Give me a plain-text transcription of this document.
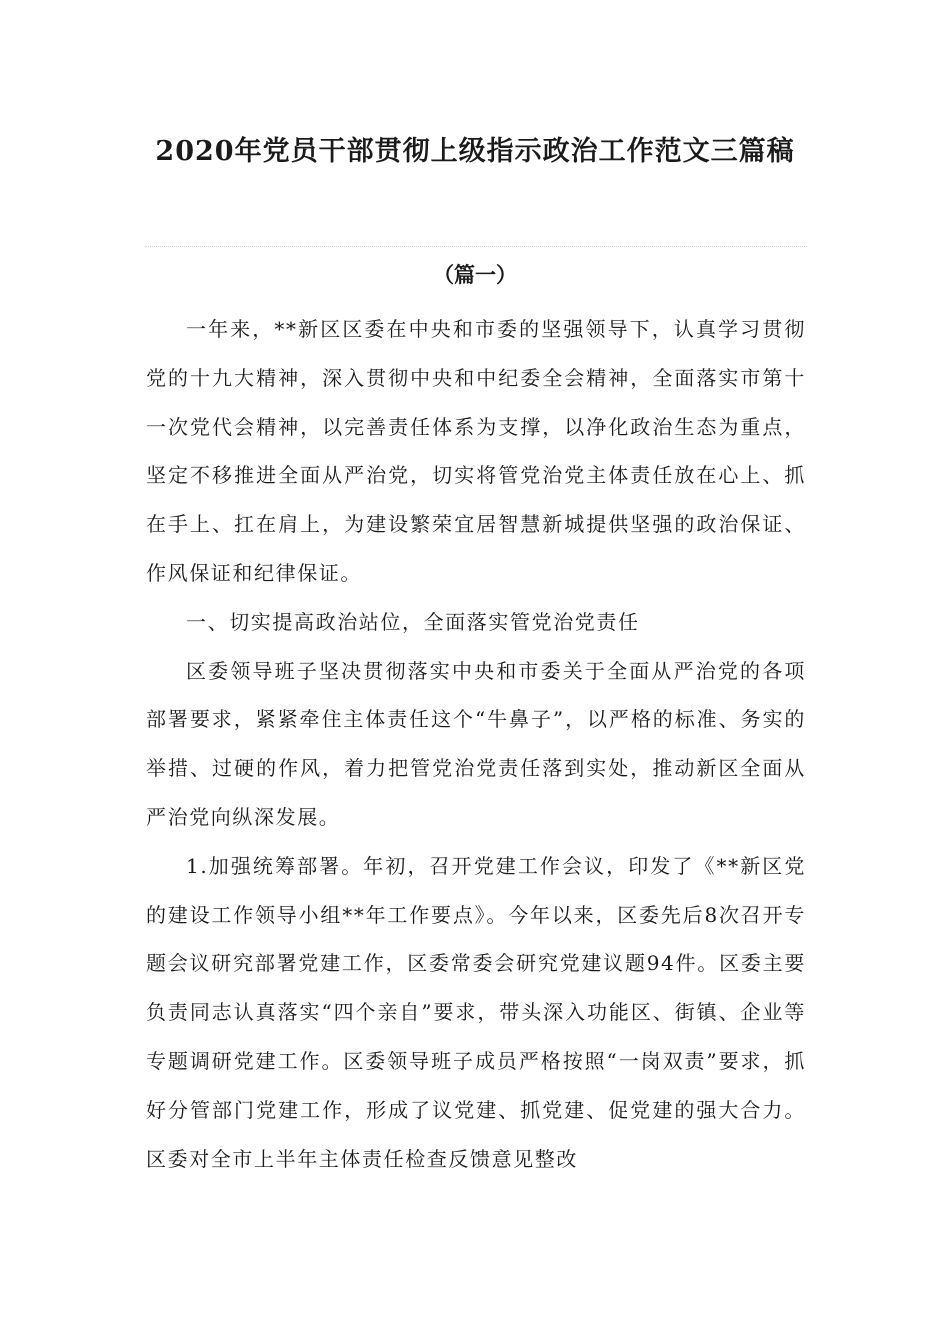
2020年党员干部贯彻上级指示政治工作范文三篇稿
（篇一）

一年来，**新区区委在中央和市委的坚强领导下，认真学习贯彻党的十九大精神，深入贯彻中央和中纪委全会精神，全面落实市第十一次党代会精神，以完善责任体系为支撑，以净化政治生态为重点，坚定不移推进全面从严治党，切实将管党治党主体责任放在心上、抓在手上、扛在肩上，为建设繁荣宜居智慧新城提供坚强的政治保证、作风保证和纪律保证。

一、切实提高政治站位，全面落实管党治党责任

区委领导班子坚决贯彻落实中央和市委关于全面从严治党的各项部署要求，紧紧牵住主体责任这个“牛鼻子”，以严格的标准、务实的举措、过硬的作风，着力把管党治党责任落到实处，推动新区全面从严治党向纵深发展。

1.加强统筹部署。年初，召开党建工作会议，印发了《**新区党的建设工作领导小组**年工作要点》。今年以来，区委先后8次召开专题会议研究部署党建工作，区委常委会研究党建议题94件。区委主要负责同志认真落实“四个亲自”要求，带头深入功能区、街镇、企业等专题调研党建工作。区委领导班子成员严格按照“一岗双责”要求，抓好分管部门党建工作，形成了议党建、抓党建、促党建的强大合力。区委对全市上半年主体责任检查反馈意见整改
